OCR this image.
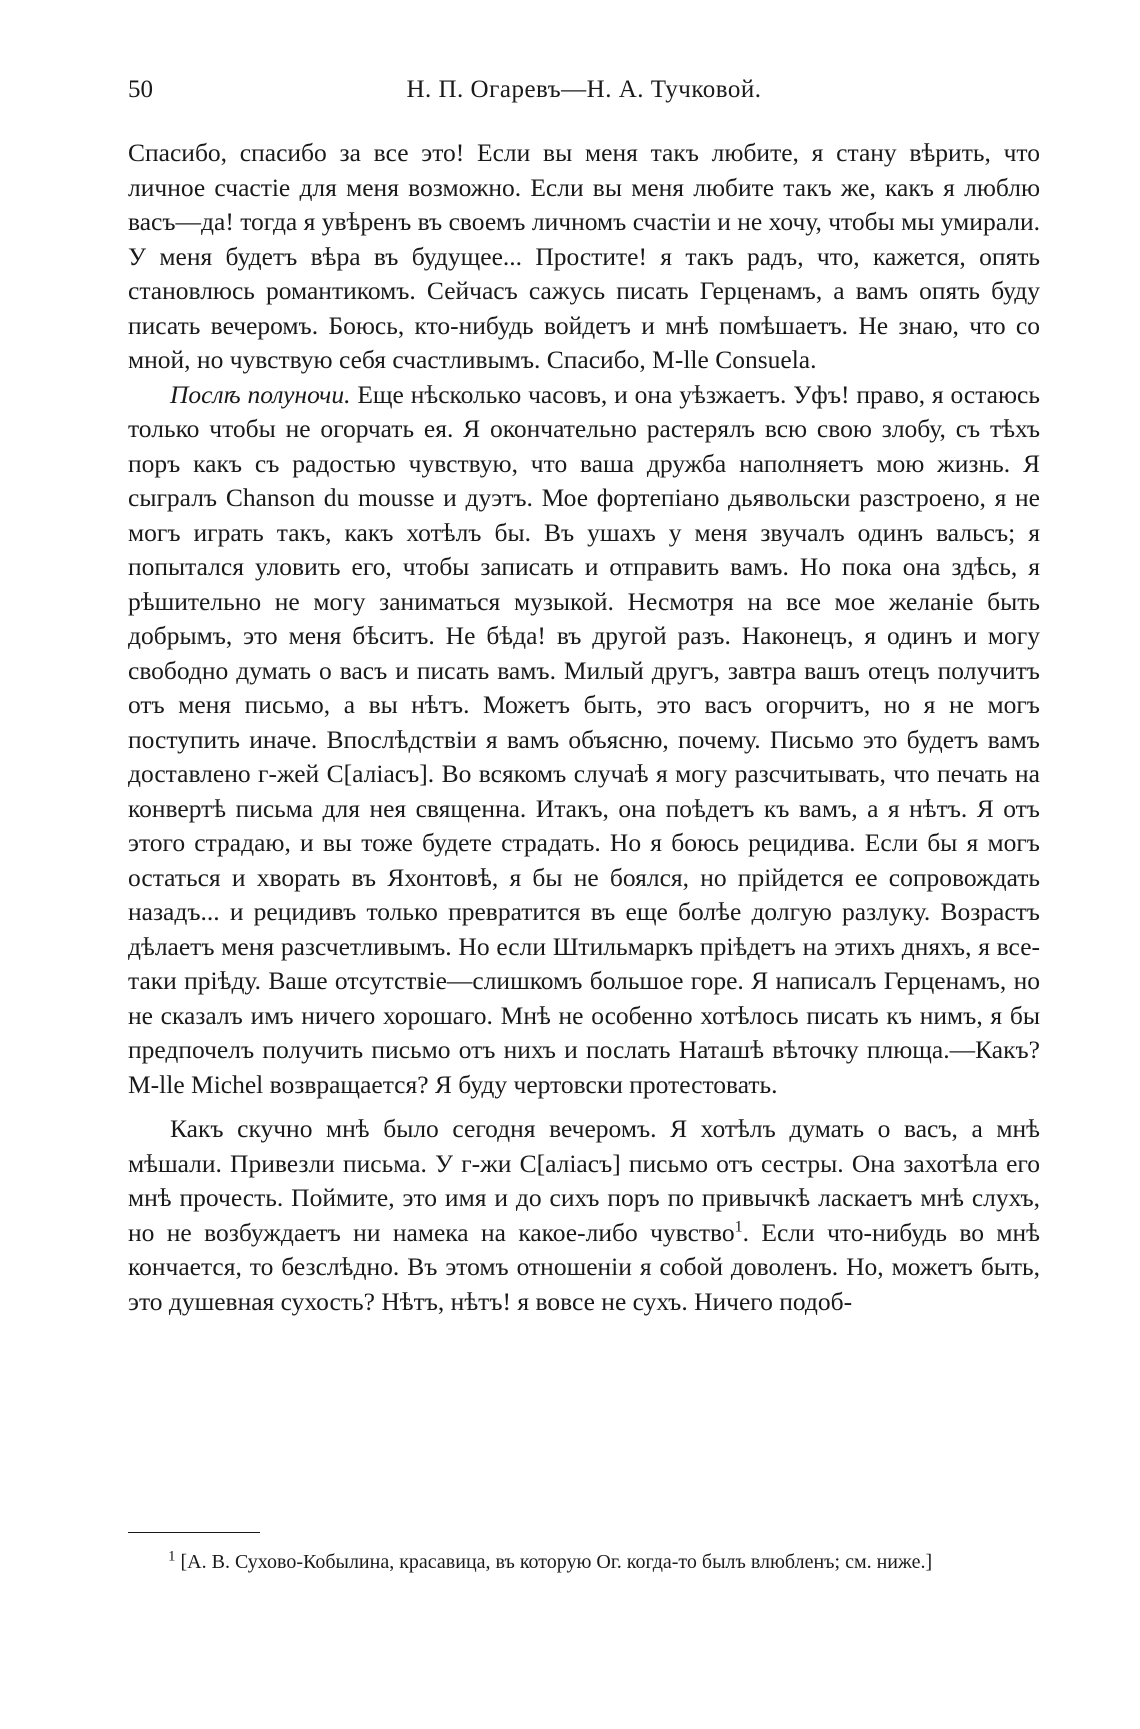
50	Н. П. Огаревъ—Н. А. Тучковой.

Спасибо, спасибо за все это! Если вы меня такъ любите, я стану вѣрить, что личное счастіе для меня возможно. Если вы меня любите такъ же, какъ я люблю васъ—да! тогда я увѣренъ въ своемъ личномъ счастіи и не хочу, чтобы мы умирали. У меня будетъ вѣра въ будущее... Простите! я такъ радъ, что, кажется, опять становлюсь романтикомъ. Сейчасъ сажусь писать Герценамъ, а вамъ опять буду писать вечеромъ. Боюсь, кто-нибудь войдетъ и мнѣ помѣшаетъ. Не знаю, что со мной, но чувствую себя счастливымъ. Спасибо, M-lle Consuela.

Послѣ полуночи. Еще нѣсколько часовъ, и она уѣзжаетъ. Уфъ! право, я остаюсь только чтобы не огорчать ея. Я окончательно растерялъ всю свою злобу, съ тѣхъ поръ какъ съ радостью чувствую, что ваша дружба наполняетъ мою жизнь. Я сыгралъ Chanson du mousse и дуэтъ. Мое фортепіано дьявольски разстроено, я не могъ играть такъ, какъ хотѣлъ бы. Въ ушахъ у меня звучалъ одинъ вальсъ; я попытался уловить его, чтобы записать и отправить вамъ. Но пока она здѣсь, я рѣшительно не могу заниматься музыкой. Несмотря на все мое желаніе быть добрымъ, это меня бѣситъ. Не бѣда! въ другой разъ. Наконецъ, я одинъ и могу свободно думать о васъ и писать вамъ. Милый другъ, завтра вашъ отецъ получитъ отъ меня письмо, а вы нѣтъ. Можетъ быть, это васъ огорчитъ, но я не могъ поступить иначе. Впослѣдствіи я вамъ объясню, почему. Письмо это будетъ вамъ доставлено г-жей С[аліасъ]. Во всякомъ случаѣ я могу разсчитывать, что печать на конвертѣ письма для нея священна. Итакъ, она поѣдетъ къ вамъ, а я нѣтъ. Я отъ этого страдаю, и вы тоже будете страдать. Но я боюсь рецидива. Если бы я могъ остаться и хворать въ Яхонтовѣ, я бы не боялся, но прійдется ее сопровождать назадъ... и рецидивъ только превратится въ еще болѣе долгую разлуку. Возрастъ дѣлаетъ меня разсчетливымъ. Но если Штильмаркъ пріѣдетъ на этихъ дняхъ, я все-таки пріѣду. Ваше отсутствіе—слишкомъ большое горе. Я написалъ Герценамъ, но не сказалъ имъ ничего хорошаго. Мнѣ не особенно хотѣлось писать къ нимъ, я бы предпочелъ получить письмо отъ нихъ и послать Наташѣ вѣточку плюща.—Какъ? M-lle Michel возвращается? Я буду чертовски протестовать.

Какъ скучно мнѣ было сегодня вечеромъ. Я хотѣлъ думать о васъ, а мнѣ мѣшали. Привезли письма. У г-жи С[аліасъ] письмо отъ сестры. Она захотѣла его мнѣ прочесть. Поймите, это имя и до сихъ поръ по привычкѣ ласкаетъ мнѣ слухъ, но не возбуждаетъ ни намека на какое-либо чувство$^1$. Если что-нибудь во мнѣ кончается, то безслѣдно. Въ этомъ отношеніи я собой доволенъ. Но, можетъ быть, это душевная сухость? Нѣтъ, нѣтъ! я вовсе не сухъ. Ничего подоб-

$^1$ [А. В. Сухово-Кобылина, красавица, въ которую Ог. когда-то былъ влюбленъ; см. ниже.]
